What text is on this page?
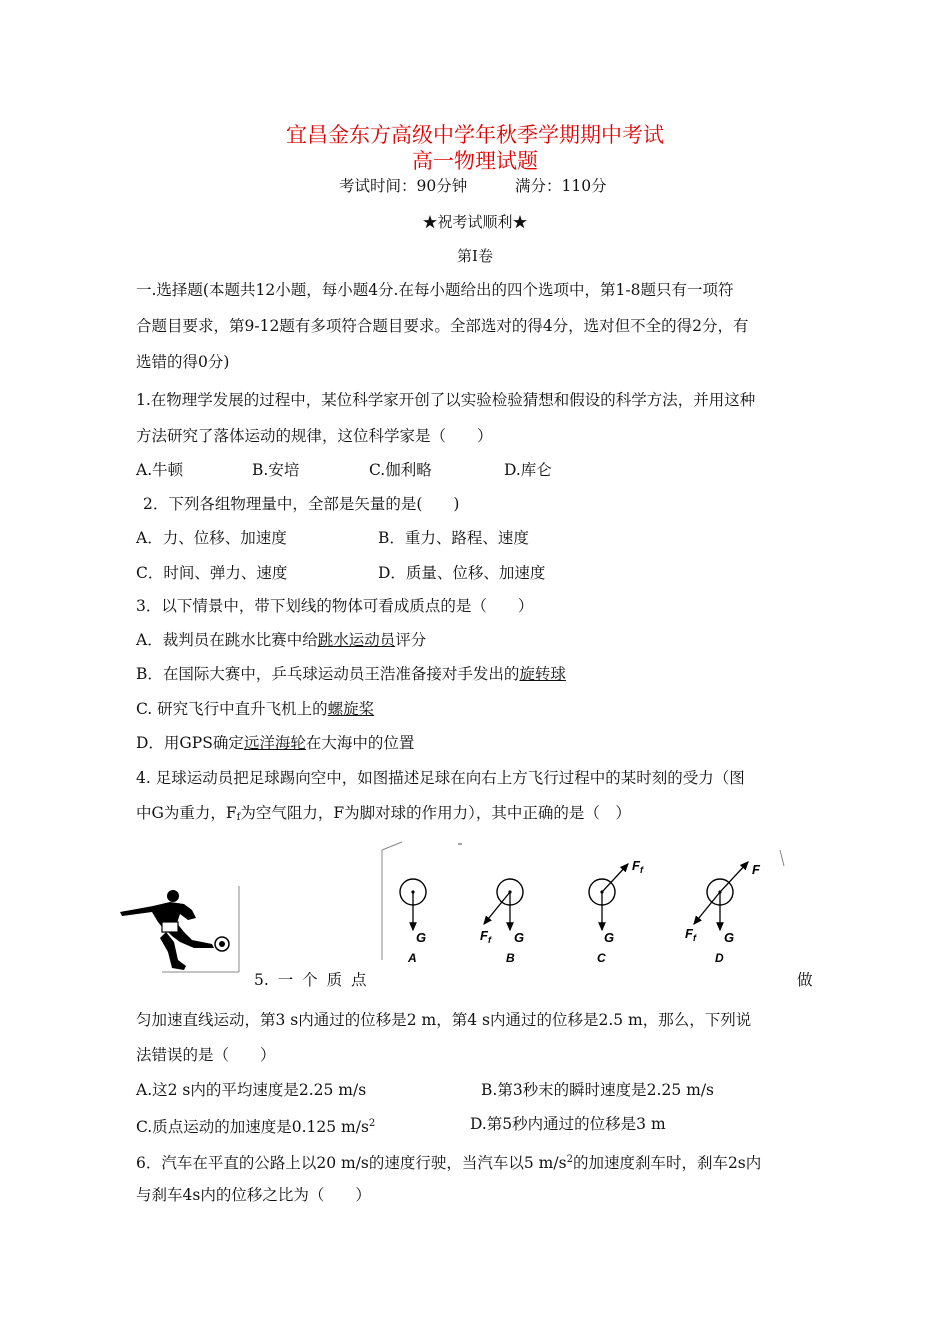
宜昌金东方高级中学年秋季学期期中考试
高一物理试题
考试时间：90分钟	满分：110分
★祝考试顺利★
第Ⅰ卷
一.选择题(本题共12小题，每小题4分.在每小题给出的四个选项中，第1-8题只有一项符
合题目要求，第9-12题有多项符合题目要求。全部选对的得4分，选对但不全的得2分，有
选错的得0分)
1.在物理学发展的过程中，某位科学家开创了以实验检验猜想和假设的科学方法，并用这种
方法研究了落体运动的规律，这位科学家是（　　）
A.牛顿	B.安培	C.伽利略	D.库仑
2．下列各组物理量中，全部是矢量的是(　　)
A．力、位移、加速度	B．重力、路程、速度
C．时间、弹力、速度	D．质量、位移、加速度
3．以下情景中，带下划线的物体可看成质点的是（　　）
A．裁判员在跳水比赛中给跳水运动员评分
B．在国际大赛中，乒乓球运动员王浩准备接对手发出的旋转球
C. 研究飞行中直升飞机上的螺旋桨
D．用GPS确定远洋海轮在大海中的位置
4. 足球运动员把足球踢向空中，如图描述足球在向右上方飞行过程中的某时刻的受力（图
中G为重力，$F_f$为空气阻力，F为脚对球的作用力），其中正确的是（　）
G
A
$F_f$ G
B
$F_f$
G
C
F
$F_f$ G
D
5. 一 个 质 点	做
匀加速直线运动，第3 s内通过的位移是2 m，第4 s内通过的位移是2.5 m，那么，下列说
法错误的是（　　）
A.这2 s内的平均速度是2.25 m/s	B.第3秒末的瞬时速度是2.25 m/s
C.质点运动的加速度是0.125 $m/s^2$	D.第5秒内通过的位移是3 m
6．汽车在平直的公路上以20 m/s的速度行驶，当汽车以5 $m/s^2$的加速度刹车时，刹车2s内
与刹车4s内的位移之比为（　　）
